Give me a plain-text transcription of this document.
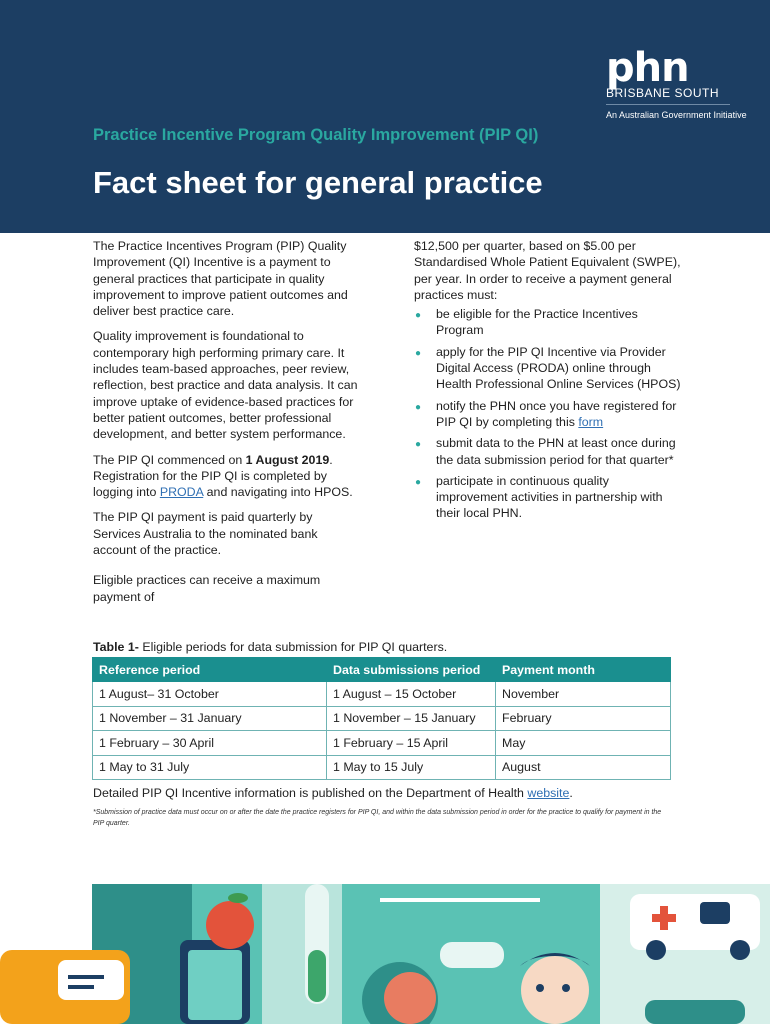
phn
BRISBANE SOUTH
An Australian Government Initiative
Practice Incentive Program Quality Improvement (PIP QI)
Fact sheet for general practice

The Practice Incentives Program (PIP) Quality Improvement (QI) Incentive is a payment to general practices that participate in quality improvement to improve patient outcomes and deliver best practice care.

Quality improvement is foundational to contemporary high performing primary care. It includes team-based approaches, peer review, reflection, best practice and data analysis. It can improve uptake of evidence-based practices for better patient outcomes, better professional development, and better system performance.

The PIP QI commenced on 1 August 2019. Registration for the PIP QI is completed by logging into PRODA and navigating into HPOS.

The PIP QI payment is paid quarterly by Services Australia to the nominated bank account of the practice.

Eligible practices can receive a maximum payment of

$12,500 per quarter, based on $5.00 per Standardised Whole Patient Equivalent (SWPE), per year. In order to receive a payment general practices must:

● be eligible for the Practice Incentives Program
● apply for the PIP QI Incentive via Provider Digital Access (PRODA) online through Health Professional Online Services (HPOS)
● notify the PHN once you have registered for PIP QI by completing this form
● submit data to the PHN at least once during the data submission period for that quarter*
● participate in continuous quality improvement activities in partnership with their local PHN.
Table 1- Eligible periods for data submission for PIP QI quarters.
Reference period	Data submissions period	Payment month
1 August– 31 October	1 August – 15 October	November
1 November – 31 January	1 November – 15 January	February
1 February – 30 April	1 February – 15 April	May
1 May to 31 July	1 May to 15 July	August
Detailed PIP QI Incentive information is published on the Department of Health website.
*Submission of practice data must occur on or after the date the practice registers for PIP QI, and within the data submission period in order for the practice to qualify for payment in the PIP quarter.
